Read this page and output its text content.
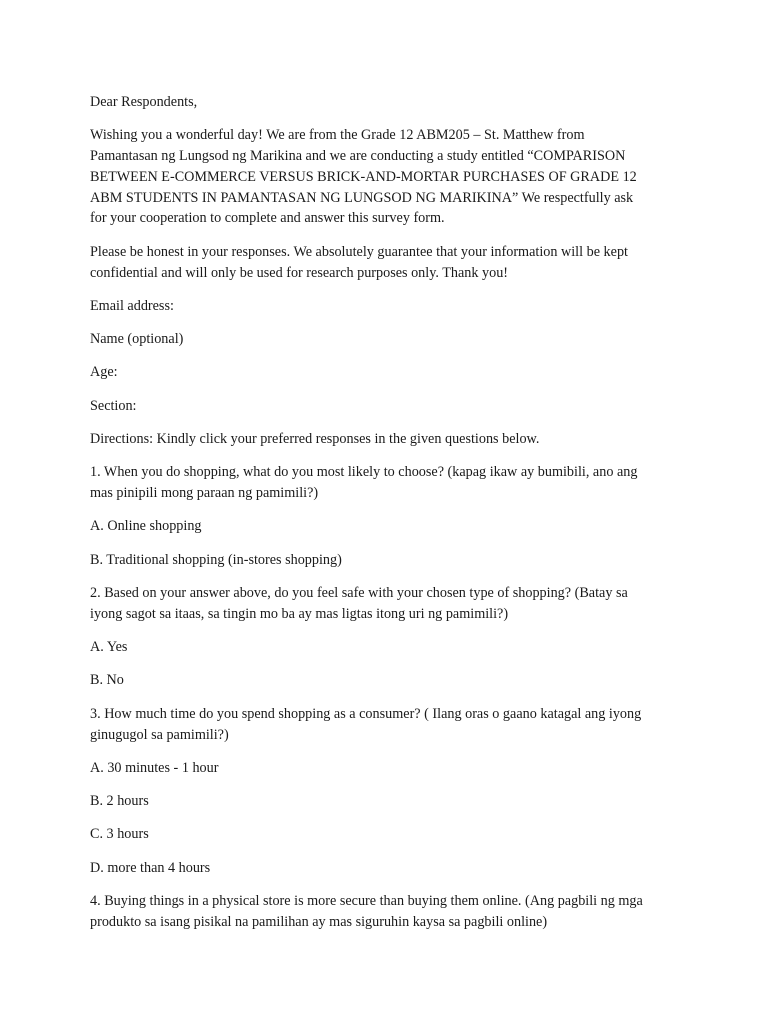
Dear Respondents,

Wishing you a wonderful day! We are from the Grade 12 ABM205 – St. Matthew from
Pamantasan ng Lungsod ng Marikina and we are conducting a study entitled “COMPARISON
BETWEEN E-COMMERCE VERSUS BRICK-AND-MORTAR PURCHASES OF GRADE 12
ABM STUDENTS IN PAMANTASAN NG LUNGSOD NG MARIKINA” We respectfully ask
for your cooperation to complete and answer this survey form.

Please be honest in your responses. We absolutely guarantee that your information will be kept
confidential and will only be used for research purposes only. Thank you!

Email address:

Name (optional)

Age:

Section:

Directions: Kindly click your preferred responses in the given questions below.

1. When you do shopping, what do you most likely to choose? (kapag ikaw ay bumibili, ano ang
mas pinipili mong paraan ng pamimili?)

A. Online shopping

B. Traditional shopping (in-stores shopping)

2. Based on your answer above, do you feel safe with your chosen type of shopping? (Batay sa
iyong sagot sa itaas, sa tingin mo ba ay mas ligtas itong uri ng pamimili?)

A. Yes

B. No

3. How much time do you spend shopping as a consumer? ( Ilang oras o gaano katagal ang iyong
ginugugol sa pamimili?)

A. 30 minutes - 1 hour

B. 2 hours

C. 3 hours

D. more than 4 hours

4. Buying things in a physical store is more secure than buying them online. (Ang pagbili ng mga
produkto sa isang pisikal na pamilihan ay mas siguruhin kaysa sa pagbili online)
